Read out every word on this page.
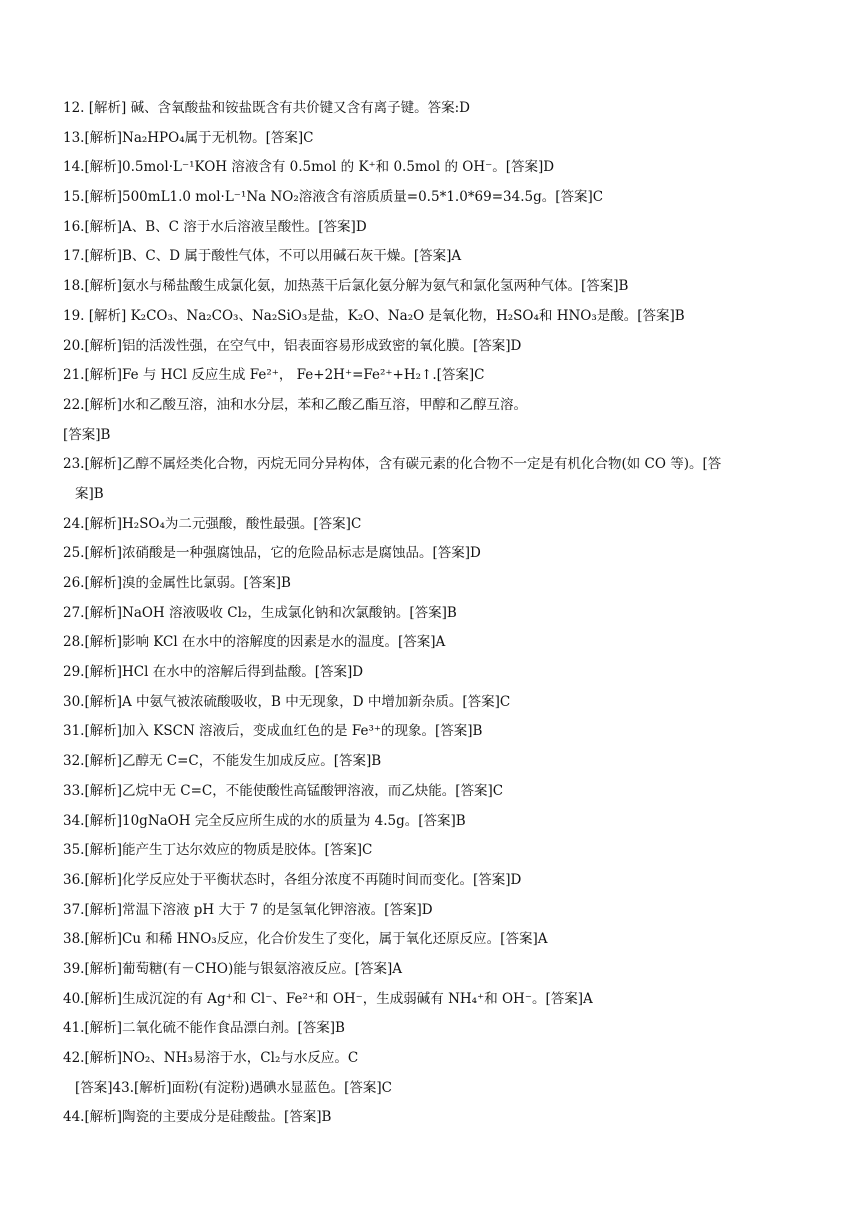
12. [解析] 碱、含氧酸盐和铵盐既含有共价键又含有离子键。答案:D
13.[解析]Na₂HPO₄属于无机物。[答案]C
14.[解析]0.5mol·L⁻¹KOH 溶液含有 0.5mol 的 K⁺和 0.5mol 的 OH⁻。[答案]D
15.[解析]500mL1.0 mol·L⁻¹Na NO₂溶液含有溶质质量=0.5*1.0*69=34.5g。[答案]C
16.[解析]A、B、C 溶于水后溶液呈酸性。[答案]D
17.[解析]B、C、D 属于酸性气体，不可以用碱石灰干燥。[答案]A
18.[解析]氨水与稀盐酸生成氯化氨，加热蒸干后氯化氨分解为氨气和氯化氢两种气体。[答案]B
19. [解析] K₂CO₃、Na₂CO₃、Na₂SiO₃是盐，K₂O、Na₂O 是氧化物，H₂SO₄和 HNO₃是酸。[答案]B
20.[解析]铝的活泼性强，在空气中，铝表面容易形成致密的氧化膜。[答案]D
21.[解析]Fe 与 HCl 反应生成 Fe²⁺， Fe+2H⁺=Fe²⁺+H₂↑.[答案]C
22.[解析]水和乙酸互溶，油和水分层，苯和乙酸乙酯互溶，甲醇和乙醇互溶。
[答案]B
23.[解析]乙醇不属烃类化合物，丙烷无同分异构体，含有碳元素的化合物不一定是有机化合物(如 CO 等)。[答
案]B
24.[解析]H₂SO₄为二元强酸，酸性最强。[答案]C
25.[解析]浓硝酸是一种强腐蚀品，它的危险品标志是腐蚀品。[答案]D
26.[解析]溴的金属性比氯弱。[答案]B
27.[解析]NaOH 溶液吸收 Cl₂，生成氯化钠和次氯酸钠。[答案]B
28.[解析]影响 KCl 在水中的溶解度的因素是水的温度。[答案]A
29.[解析]HCl 在水中的溶解后得到盐酸。[答案]D
30.[解析]A 中氨气被浓硫酸吸收，B 中无现象，D 中增加新杂质。[答案]C
31.[解析]加入 KSCN 溶液后，变成血红色的是 Fe³⁺的现象。[答案]B
32.[解析]乙醇无 C=C，不能发生加成反应。[答案]B
33.[解析]乙烷中无 C=C，不能使酸性高锰酸钾溶液，而乙炔能。[答案]C
34.[解析]10gNaOH 完全反应所生成的水的质量为 4.5g。[答案]B
35.[解析]能产生丁达尔效应的物质是胶体。[答案]C
36.[解析]化学反应处于平衡状态时，各组分浓度不再随时间而变化。[答案]D
37.[解析]常温下溶液 pH 大于 7 的是氢氧化钾溶液。[答案]D
38.[解析]Cu 和稀 HNO₃反应，化合价发生了变化，属于氧化还原反应。[答案]A
39.[解析]葡萄糖(有－CHO)能与银氨溶液反应。[答案]A
40.[解析]生成沉淀的有 Ag⁺和 Cl⁻、Fe²⁺和 OH⁻，生成弱碱有 NH₄⁺和 OH⁻。[答案]A
41.[解析]二氧化硫不能作食品漂白剂。[答案]B
42.[解析]NO₂、NH₃易溶于水，Cl₂与水反应。C
[答案]43.[解析]面粉(有淀粉)遇碘水显蓝色。[答案]C
44.[解析]陶瓷的主要成分是硅酸盐。[答案]B
